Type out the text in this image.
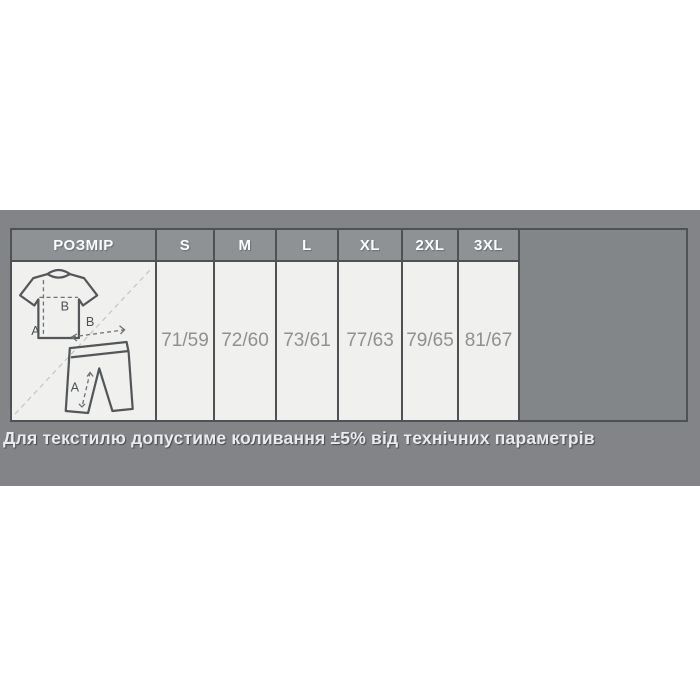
РОЗМІР	S	M	L	XL	2XL	3XL
A
B
B
A
71/59 72/60 73/61 77/63 79/65 81/67

Для текстилю допустиме коливання ±5% від технічних параметрів
